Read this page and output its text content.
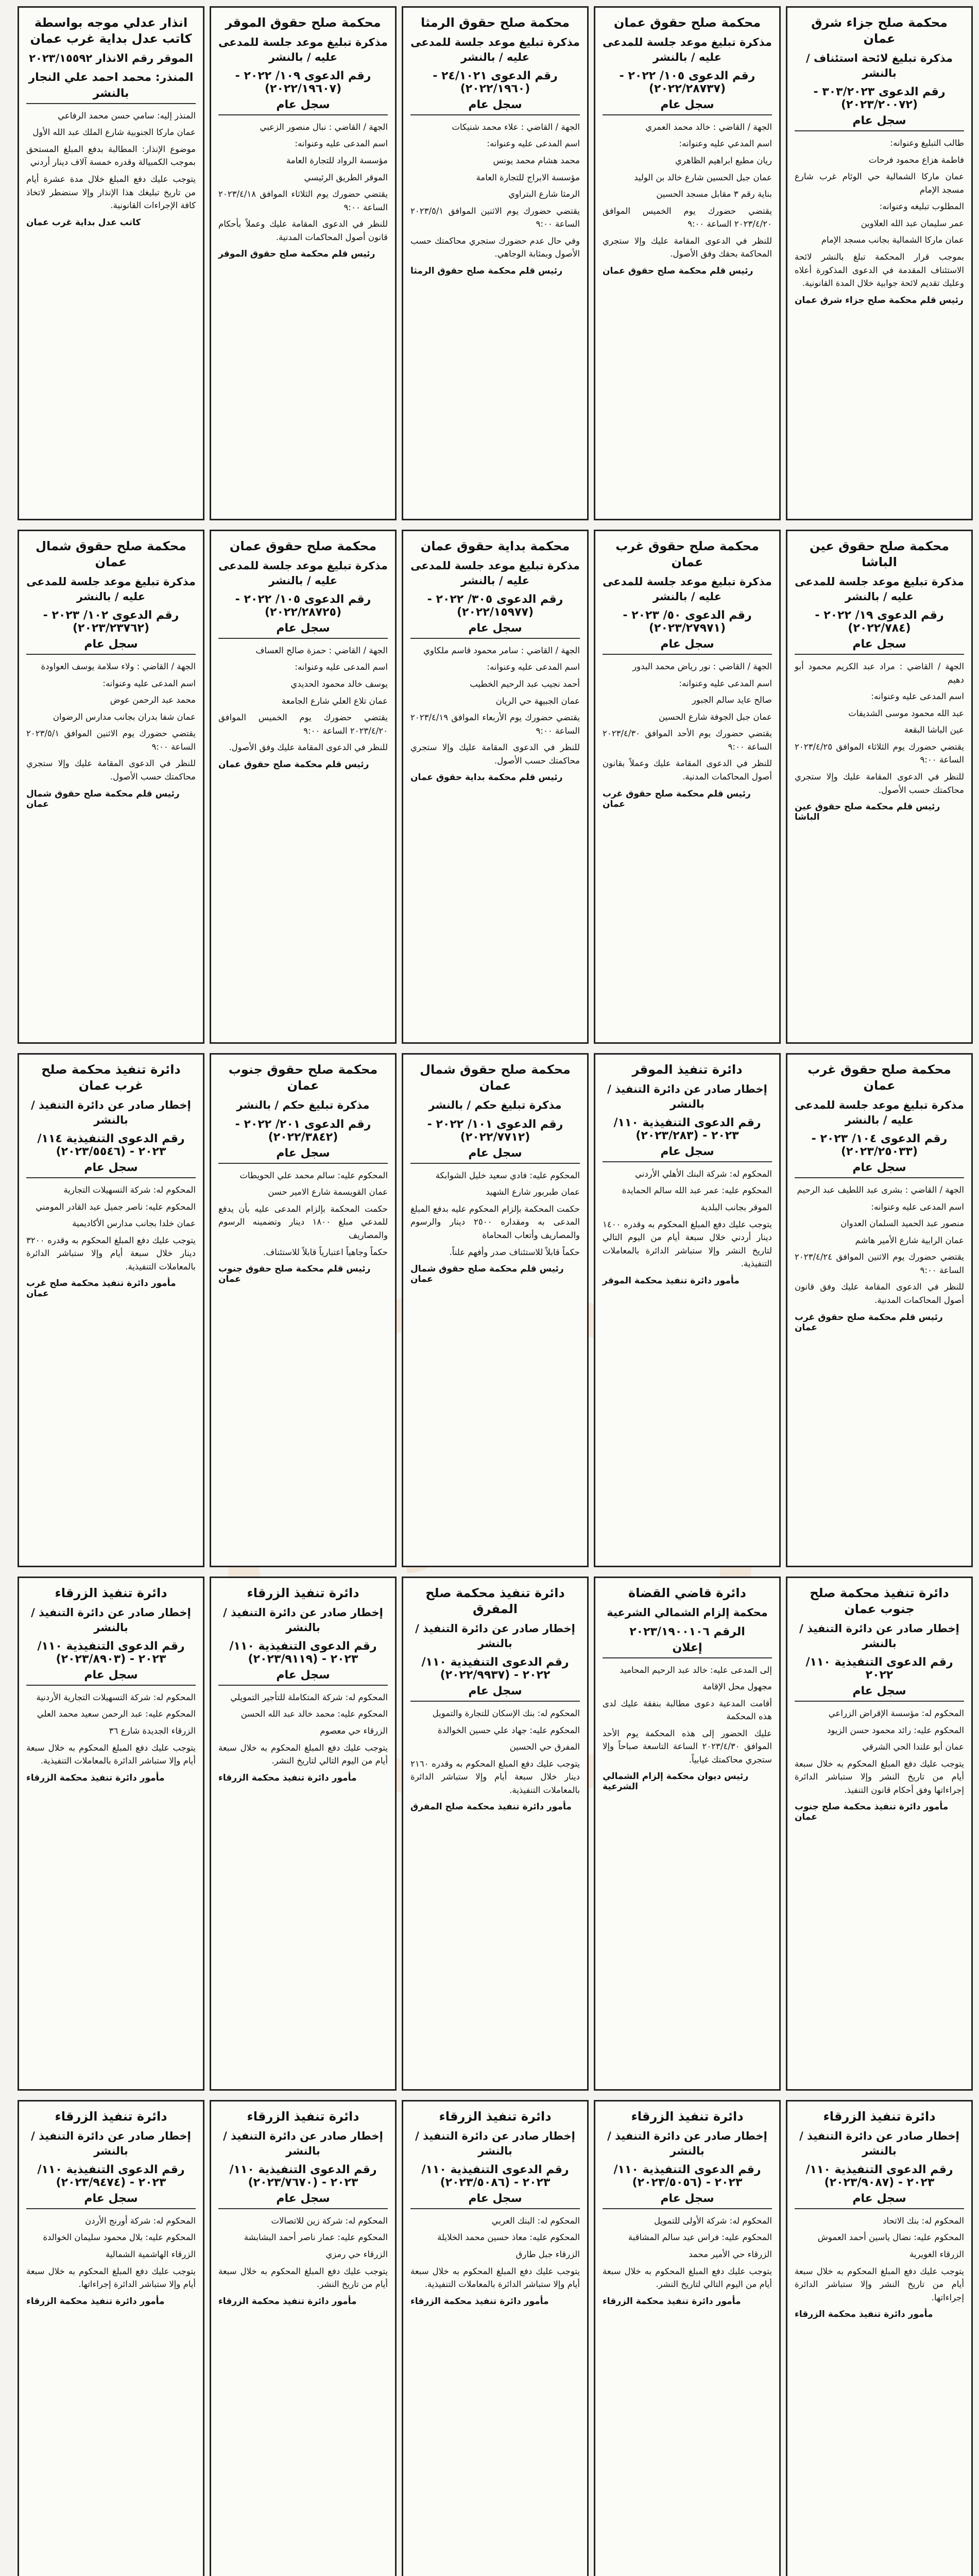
محكمة صلح جزاء شرق عمان
مذكرة تبليغ لائحة استئناف / بالنشر
رقم الدعوى ٣٠٣/٢٠٢٣ - (٢٠٢٣/٢٠٠٧٢)
سجل عام

طالب التبليغ وعنوانه:

فاطمة هزاع محمود فرحات

عمان ماركا الشمالية حي الوئام غرب شارع مسجد الإمام

المطلوب تبليغه وعنوانه:

عمر سليمان عبد الله العلاوين

عمان ماركا الشمالية بجانب مسجد الإمام

بموجب قرار المحكمة تبلغ بالنشر لائحة الاستئناف المقدمة في الدعوى المذكورة أعلاه وعليك تقديم لائحة جوابية خلال المدة القانونية.

رئيس قلم محكمة صلح جزاء شرق عمان
محكمة صلح حقوق عمان
مذكرة تبليغ موعد جلسة للمدعى عليه / بالنشر
رقم الدعوى ١٠٥/ ٢٠٢٢ - (٢٠٢٢/٢٨٧٣٧)
سجل عام

الجهة / القاضي : خالد محمد العمري

اسم المدعي عليه وعنوانه:

ريان مطيع ابراهيم الظاهري

عمان جبل الحسين شارع خالد بن الوليد

بناية رقم ٣ مقابل مسجد الحسين

يقتضي حضورك يوم الخميس الموافق ٢٠٢٣/٤/٢٠ الساعة ٩:٠٠

للنظر في الدعوى المقامة عليك وإلا ستجري المحاكمة بحقك وفق الأصول.

رئيس قلم محكمة صلح حقوق عمان
محكمة صلح حقوق الرمثا
مذكرة تبليغ موعد جلسة للمدعى عليه / بالنشر
رقم الدعوى ٢٤/١٠٢١ - (٢٠٢٢/١٩٦٠)
سجل عام

الجهة / القاضي : علاء محمد شنيكات

اسم المدعى عليه وعنوانه:

محمد هشام محمد يونس

مؤسسة الابراج للتجارة العامة

الرمثا شارع البتراوي

يقتضي حضورك يوم الاثنين الموافق ٢٠٢٣/٥/١ الساعة ٩:٠٠

وفي حال عدم حضورك ستجري محاكمتك حسب الأصول وبمثابة الوجاهي.

رئيس قلم محكمة صلح حقوق الرمثا
محكمة صلح حقوق الموقر
مذكرة تبليغ موعد جلسة للمدعى عليه / بالنشر
رقم الدعوى ١٠٩/ ٢٠٢٢ - (٢٠٢٢/١٩٦٠٧)
سجل عام

الجهة / القاضي : نبال منصور الزعبي

اسم المدعى عليه وعنوانه:

مؤسسة الرواد للتجارة العامة

الموقر الطريق الرئيسي

يقتضي حضورك يوم الثلاثاء الموافق ٢٠٢٣/٤/١٨ الساعة ٩:٠٠

للنظر في الدعوى المقامة عليك وعملاً بأحكام قانون أصول المحاكمات المدنية.

رئيس قلم محكمة صلح حقوق الموقر
انذار عدلي موجه بواسطة كاتب عدل بداية غرب عمان
الموقر رقم الانذار ٢٠٢٣/١٥٥٩٢
المنذر: محمد احمد علي النجار
بالنشر

المنذر إليه: سامي حسن محمد الرفاعي

عمان ماركا الجنوبية شارع الملك عبد الله الأول

موضوع الإنذار: المطالبة بدفع المبلغ المستحق بموجب الكمبيالة وقدره خمسة آلاف دينار أردني

يتوجب عليك دفع المبلغ خلال مدة عشرة أيام من تاريخ تبليغك هذا الإنذار وإلا سنضطر لاتخاذ كافة الإجراءات القانونية.

كاتب عدل بداية غرب عمان
محكمة صلح حقوق عين الباشا
مذكرة تبليغ موعد جلسة للمدعى عليه / بالنشر
رقم الدعوى ١٩/ ٢٠٢٢ - (٢٠٢٢/٧٨٤)
سجل عام

الجهة / القاضي : مراد عبد الكريم محمود أبو دهيم

اسم المدعى عليه وعنوانه:

عبد الله محمود موسى الشديفات

عين الباشا البقعة

يقتضي حضورك يوم الثلاثاء الموافق ٢٠٢٣/٤/٢٥ الساعة ٩:٠٠

للنظر في الدعوى المقامة عليك وإلا ستجري محاكمتك حسب الأصول.

رئيس قلم محكمة صلح حقوق عين الباشا
محكمة صلح حقوق غرب عمان
مذكرة تبليغ موعد جلسة للمدعى عليه / بالنشر
رقم الدعوى ٥٠/ ٢٠٢٣ - (٢٠٢٣/٢٧٩٧١)
سجل عام

الجهة / القاضي : نور رياض محمد البدور

اسم المدعى عليه وعنوانه:

صالح عايد سالم الجبور

عمان جبل الجوفة شارع الحسين

يقتضي حضورك يوم الأحد الموافق ٢٠٢٣/٤/٣٠ الساعة ٩:٠٠

للنظر في الدعوى المقامة عليك وعملاً بقانون أصول المحاكمات المدنية.

رئيس قلم محكمة صلح حقوق غرب عمان
محكمة بداية حقوق عمان
مذكرة تبليغ موعد جلسة للمدعى عليه / بالنشر
رقم الدعوى ٣٠٥/ ٢٠٢٢ - (٢٠٢٢/١٥٩٧٧)
سجل عام

الجهة / القاضي : سامر محمود قاسم ملكاوي

اسم المدعى عليه وعنوانه:

أحمد نجيب عبد الرحيم الخطيب

عمان الجبيهة حي الريان

يقتضي حضورك يوم الأربعاء الموافق ٢٠٢٣/٤/١٩ الساعة ٩:٠٠

للنظر في الدعوى المقامة عليك وإلا ستجري محاكمتك حسب الأصول.

رئيس قلم محكمة بداية حقوق عمان
محكمة صلح حقوق عمان
مذكرة تبليغ موعد جلسة للمدعى عليه / بالنشر
رقم الدعوى ١٠٥/ ٢٠٢٢ - (٢٠٢٢/٢٨٧٢٥)
سجل عام

الجهة / القاضي : حمزة صالح العساف

اسم المدعى عليه وعنوانه:

يوسف خالد محمود الحديدي

عمان تلاع العلي شارع الجامعة

يقتضي حضورك يوم الخميس الموافق ٢٠٢٣/٤/٢٠ الساعة ٩:٠٠

للنظر في الدعوى المقامة عليك وفق الأصول.

رئيس قلم محكمة صلح حقوق عمان
محكمة صلح حقوق شمال عمان
مذكرة تبليغ موعد جلسة للمدعى عليه / بالنشر
رقم الدعوى ١٠٢/ ٢٠٢٣ - (٢٠٢٣/٢٣٧٦٢)
سجل عام

الجهة / القاضي : ولاء سلامة يوسف العواودة

اسم المدعى عليه وعنوانه:

محمد عبد الرحمن عوض

عمان شفا بدران بجانب مدارس الرضوان

يقتضي حضورك يوم الاثنين الموافق ٢٠٢٣/٥/١ الساعة ٩:٠٠

للنظر في الدعوى المقامة عليك وإلا ستجري محاكمتك حسب الأصول.

رئيس قلم محكمة صلح حقوق شمال عمان
محكمة صلح حقوق غرب عمان
مذكرة تبليغ موعد جلسة للمدعى عليه / بالنشر
رقم الدعوى ١٠٤/ ٢٠٢٣ - (٢٠٢٣/٢٥٠٣٣)
سجل عام

الجهة / القاضي : بشرى عبد اللطيف عبد الرحيم

اسم المدعى عليه وعنوانه:

منصور عبد الحميد السلمان العدوان

عمان الرابية شارع الأمير هاشم

يقتضي حضورك يوم الاثنين الموافق ٢٠٢٣/٤/٢٤ الساعة ٩:٠٠

للنظر في الدعوى المقامة عليك وفق قانون أصول المحاكمات المدنية.

رئيس قلم محكمة صلح حقوق غرب عمان
دائرة تنفيذ الموقر
إخطار صادر عن دائرة التنفيذ / بالنشر
رقم الدعوى التنفيذية ١١٠/ ٢٠٢٣ - (٢٠٢٣/٢٨٣)
سجل عام

المحكوم له: شركة البنك الأهلي الأردني

المحكوم عليه: عمر عبد الله سالم الحمايدة

الموقر بجانب البلدية

يتوجب عليك دفع المبلغ المحكوم به وقدره ١٤٠٠ دينار أردني خلال سبعة أيام من اليوم التالي لتاريخ النشر وإلا ستباشر الدائرة بالمعاملات التنفيذية.

مأمور دائرة تنفيذ محكمة الموقر
محكمة صلح حقوق شمال عمان
مذكرة تبليغ حكم / بالنشر
رقم الدعوى ١٠١/ ٢٠٢٢ - (٢٠٢٢/٧٧١٢)
سجل عام

المحكوم عليه: فادي سعيد خليل الشوابكة

عمان طبربور شارع الشهيد

حكمت المحكمة بإلزام المحكوم عليه بدفع المبلغ المدعى به ومقداره ٢٥٠٠ دينار والرسوم والمصاريف وأتعاب المحاماة

حكماً قابلاً للاستئناف صدر وأفهم علناً.

رئيس قلم محكمة صلح حقوق شمال عمان
محكمة صلح حقوق جنوب عمان
مذكرة تبليغ حكم / بالنشر
رقم الدعوى ٢٠١/ ٢٠٢٢ - (٢٠٢٢/٣٨٤٢)
سجل عام

المحكوم عليه: سالم محمد علي الحويطات

عمان القويسمة شارع الامير حسن

حكمت المحكمة بإلزام المدعى عليه بأن يدفع للمدعي مبلغ ١٨٠٠ دينار وتضمينه الرسوم والمصاريف

حكماً وجاهياً اعتبارياً قابلاً للاستئناف.

رئيس قلم محكمة صلح حقوق جنوب عمان
دائرة تنفيذ محكمة صلح غرب عمان
إخطار صادر عن دائرة التنفيذ / بالنشر
رقم الدعوى التنفيذية ١١٤/ ٢٠٢٣ - (٢٠٢٣/٥٥٤٦)
سجل عام

المحكوم له: شركة التسهيلات التجارية

المحكوم عليه: ناصر جميل عبد القادر المومني

عمان خلدا بجانب مدارس الأكاديمية

يتوجب عليك دفع المبلغ المحكوم به وقدره ٣٢٠٠ دينار خلال سبعة أيام وإلا ستباشر الدائرة بالمعاملات التنفيذية.

مأمور دائرة تنفيذ محكمة صلح غرب عمان
دائرة تنفيذ محكمة صلح جنوب عمان
إخطار صادر عن دائرة التنفيذ / بالنشر
رقم الدعوى التنفيذية ١١٠/ ٢٠٢٢
سجل عام

المحكوم له: مؤسسة الإقراض الزراعي

المحكوم عليه: رائد محمود حسن الزيود

عمان أبو علندا الحي الشرقي

يتوجب عليك دفع المبلغ المحكوم به خلال سبعة أيام من تاريخ النشر وإلا ستباشر الدائرة إجراءاتها وفق أحكام قانون التنفيذ.

مأمور دائرة تنفيذ محكمة صلح جنوب عمان
دائرة قاضي القضاة
محكمة إلزام الشمالي الشرعية
الرقم ٢٠٢٣/١٩٠٠١٠٦
إعلان

إلى المدعى عليه: خالد عبد الرحيم المحاميد

مجهول محل الإقامة

أقامت المدعية دعوى مطالبة بنفقة عليك لدى هذه المحكمة

عليك الحضور إلى هذه المحكمة يوم الأحد الموافق ٢٠٢٣/٤/٣٠ الساعة التاسعة صباحاً وإلا ستجري محاكمتك غيابياً.

رئيس ديوان محكمة إلزام الشمالي الشرعية
دائرة تنفيذ محكمة صلح المفرق
إخطار صادر عن دائرة التنفيذ / بالنشر
رقم الدعوى التنفيذية ١١٠/ ٢٠٢٢ - (٢٠٢٢/٩٩٣٧)
سجل عام

المحكوم له: بنك الإسكان للتجارة والتمويل

المحكوم عليه: جهاد علي حسين الخوالدة

المفرق حي الحسين

يتوجب عليك دفع المبلغ المحكوم به وقدره ٢١٦٠ دينار خلال سبعة أيام وإلا ستباشر الدائرة بالمعاملات التنفيذية.

مأمور دائرة تنفيذ محكمة صلح المفرق
دائرة تنفيذ الزرقاء
إخطار صادر عن دائرة التنفيذ / بالنشر
رقم الدعوى التنفيذية ١١٠/ ٢٠٢٣ - (٢٠٢٣/٩١١٩)
سجل عام

المحكوم له: شركة المتكاملة للتأجير التمويلي

المحكوم عليه: محمد خالد عبد الله الحسن

الزرقاء حي معصوم

يتوجب عليك دفع المبلغ المحكوم به خلال سبعة أيام من اليوم التالي لتاريخ النشر.

مأمور دائرة تنفيذ محكمة الزرقاء
دائرة تنفيذ الزرقاء
إخطار صادر عن دائرة التنفيذ / بالنشر
رقم الدعوى التنفيذية ١١٠/ ٢٠٢٣ - (٢٠٢٣/٨٩٠٣)
سجل عام

المحكوم له: شركة التسهيلات التجارية الأردنية

المحكوم عليه: عبد الرحمن سعيد محمد العلي

الزرقاء الجديدة شارع ٣٦

يتوجب عليك دفع المبلغ المحكوم به خلال سبعة أيام وإلا ستباشر الدائرة بالمعاملات التنفيذية.

مأمور دائرة تنفيذ محكمة الزرقاء
دائرة تنفيذ الزرقاء
إخطار صادر عن دائرة التنفيذ / بالنشر
رقم الدعوى التنفيذية ١١٠/ ٢٠٢٣ - (٢٠٢٣/٩٠٨٧)
سجل عام

المحكوم له: بنك الاتحاد

المحكوم عليه: نضال ياسين أحمد العموش

الزرقاء الغويرية

يتوجب عليك دفع المبلغ المحكوم به خلال سبعة أيام من تاريخ النشر وإلا ستباشر الدائرة إجراءاتها.

مأمور دائرة تنفيذ محكمة الزرقاء
دائرة تنفيذ الزرقاء
إخطار صادر عن دائرة التنفيذ / بالنشر
رقم الدعوى التنفيذية ١١٠/ ٢٠٢٣ - (٢٠٢٣/٥٠٥٦)
سجل عام

المحكوم له: شركة الأولى للتمويل

المحكوم عليه: فراس عيد سالم المشاقبة

الزرقاء حي الأمير محمد

يتوجب عليك دفع المبلغ المحكوم به خلال سبعة أيام من اليوم التالي لتاريخ النشر.

مأمور دائرة تنفيذ محكمة الزرقاء
دائرة تنفيذ الزرقاء
إخطار صادر عن دائرة التنفيذ / بالنشر
رقم الدعوى التنفيذية ١١٠/ ٢٠٢٣ - (٢٠٢٣/٥٠٨٦)
سجل عام

المحكوم له: البنك العربي

المحكوم عليه: معاذ حسين محمد الخلايلة

الزرقاء جبل طارق

يتوجب عليك دفع المبلغ المحكوم به خلال سبعة أيام وإلا ستباشر الدائرة بالمعاملات التنفيذية.

مأمور دائرة تنفيذ محكمة الزرقاء
دائرة تنفيذ الزرقاء
إخطار صادر عن دائرة التنفيذ / بالنشر
رقم الدعوى التنفيذية ١١٠/ ٢٠٢٣ - (٢٠٢٣/٧٦٧٠)
سجل عام

المحكوم له: شركة زين للاتصالات

المحكوم عليه: عمار ناصر أحمد البشابشة

الزرقاء حي رمزي

يتوجب عليك دفع المبلغ المحكوم به خلال سبعة أيام من تاريخ النشر.

مأمور دائرة تنفيذ محكمة الزرقاء
دائرة تنفيذ الزرقاء
إخطار صادر عن دائرة التنفيذ / بالنشر
رقم الدعوى التنفيذية ١١٠/ ٢٠٢٣ - (٢٠٢٣/٩٤٧٤)
سجل عام

المحكوم له: شركة أورنج الأردن

المحكوم عليه: بلال محمود سليمان الخوالدة

الزرقاء الهاشمية الشمالية

يتوجب عليك دفع المبلغ المحكوم به خلال سبعة أيام وإلا ستباشر الدائرة إجراءاتها.

مأمور دائرة تنفيذ محكمة الزرقاء
